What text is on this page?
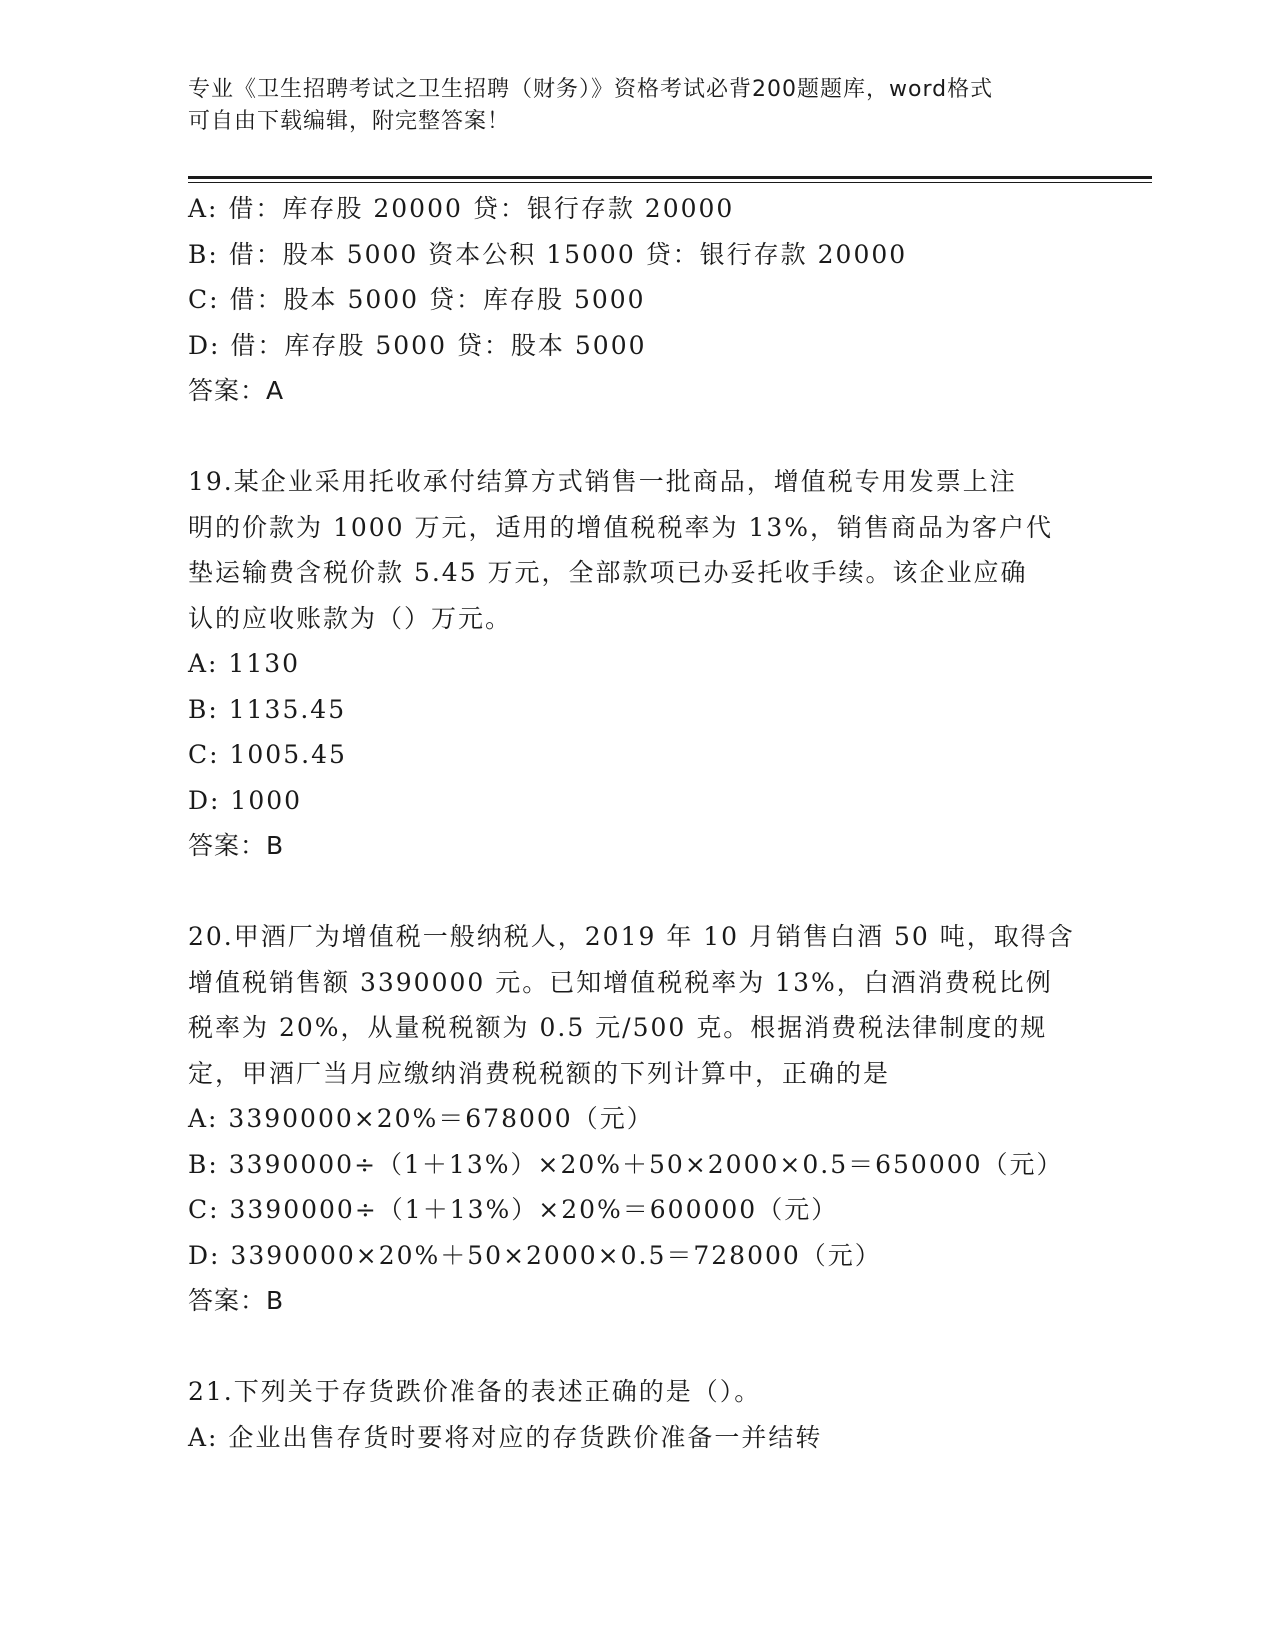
专业《卫生招聘考试之卫生招聘（财务）》资格考试必背200题题库，word格式
可自由下载编辑，附完整答案！
A: 借：库存股 20000 贷：银行存款 20000
B: 借：股本 5000 资本公积 15000 贷：银行存款 20000
C: 借：股本 5000 贷：库存股 5000
D: 借：库存股 5000 贷：股本 5000
答案：A
19.某企业采用托收承付结算方式销售一批商品，增值税专用发票上注
明的价款为 1000 万元，适用的增值税税率为 13%，销售商品为客户代
垫运输费含税价款 5.45 万元，全部款项已办妥托收手续。该企业应确
认的应收账款为（）万元。
A: 1130
B: 1135.45
C: 1005.45
D: 1000
答案：B
20.甲酒厂为增值税一般纳税人，2019 年 10 月销售白酒 50 吨，取得含
增值税销售额 3390000 元。已知增值税税率为 13%，白酒消费税比例
税率为 20%，从量税税额为 0.5 元/500 克。根据消费税法律制度的规
定，甲酒厂当月应缴纳消费税税额的下列计算中，正确的是
A: 3390000×20%＝678000（元）
B: 3390000÷（1＋13%）×20%＋50×2000×0.5＝650000（元）
C: 3390000÷（1＋13%）×20%＝600000（元）
D: 3390000×20%＋50×2000×0.5＝728000（元）
答案：B
21.下列关于存货跌价准备的表述正确的是（）。
A: 企业出售存货时要将对应的存货跌价准备一并结转
